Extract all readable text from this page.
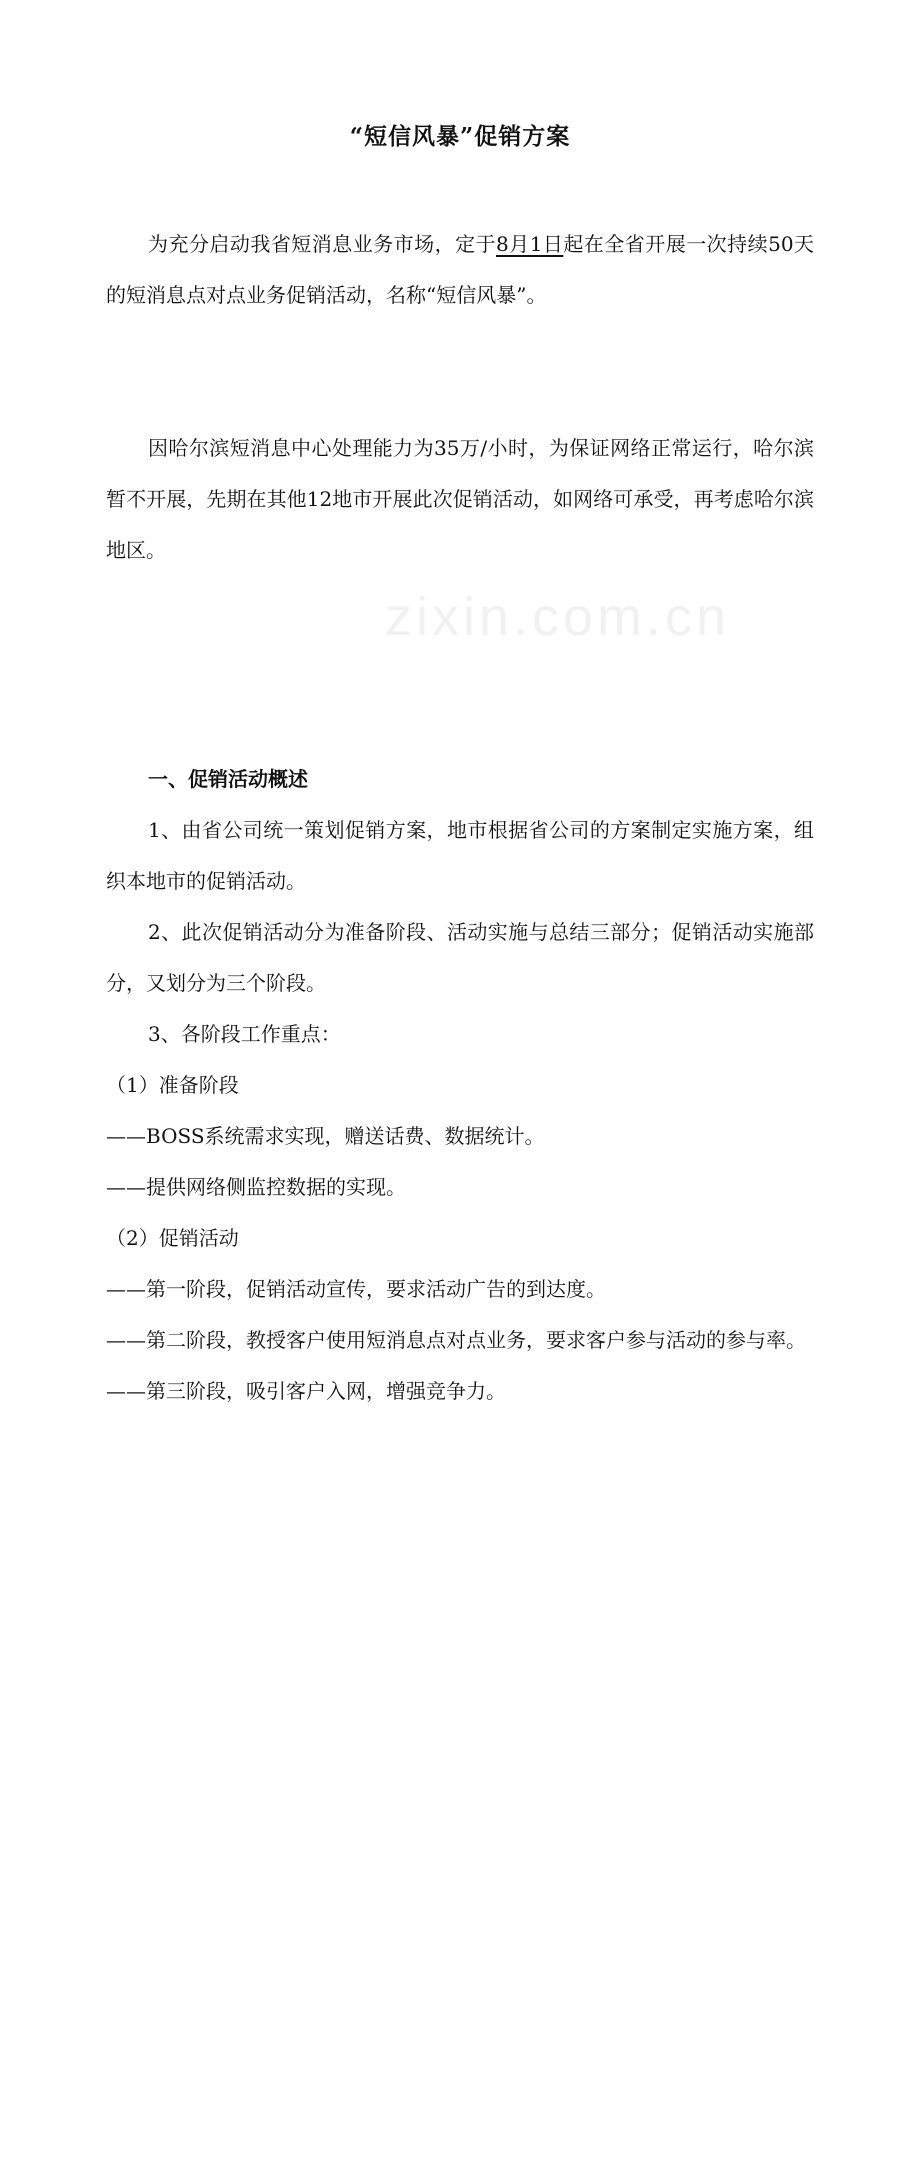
zixin.com.cn
“短信风暴”促销方案

为充分启动我省短消息业务市场，定于8月1日起在全省开展一次持续50天的短消息点对点业务促销活动，名称“短信风暴”。

因哈尔滨短消息中心处理能力为35万/小时，为保证网络正常运行，哈尔滨暂不开展，先期在其他12地市开展此次促销活动，如网络可承受，再考虑哈尔滨地区。

一、促销活动概述

1、由省公司统一策划促销方案，地市根据省公司的方案制定实施方案，组织本地市的促销活动。

2、此次促销活动分为准备阶段、活动实施与总结三部分；促销活动实施部分，又划分为三个阶段。

3、各阶段工作重点：

（1）准备阶段

——BOSS系统需求实现，赠送话费、数据统计。

——提供网络侧监控数据的实现。

（2）促销活动

——第一阶段，促销活动宣传，要求活动广告的到达度。

——第二阶段，教授客户使用短消息点对点业务，要求客户参与活动的参与率。

——第三阶段，吸引客户入网，增强竞争力。
